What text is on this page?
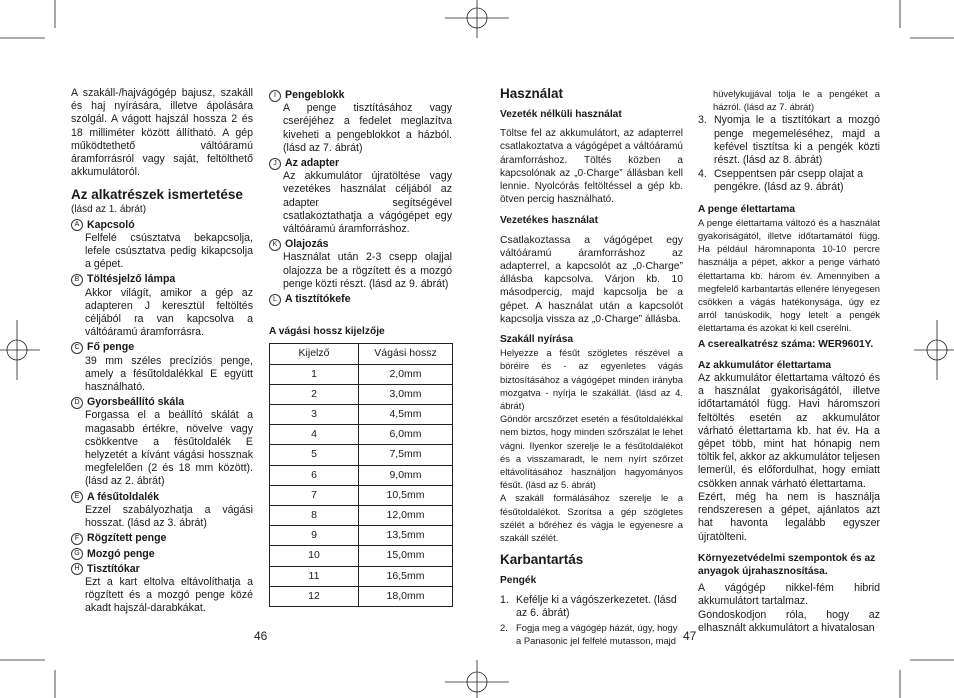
A szakáll-/hajvágógép bajusz, szakáll és haj nyírására, illetve ápolására szolgál. A vágott hajszál hossza 2 és 18 milliméter között állítható. A gép működtethető váltóáramú áramforrásról vagy saját, feltölthető akkumulátoról.

Az alkatrészek ismertetése
(lásd az 1. ábrát)
A Kapcsoló

Felfelé csúsztatva bekapcsolja, lefele csúsztatva pedig kikapcsolja a gépet.

B Töltésjelző lámpa

Akkor világít, amikor a gép az adapteren J keresztül feltöltés céljából ra van kapcsolva a váltóáramú áramforrásra.

C Fő penge

39 mm széles precíziós penge, amely a fésűtoldalékkal E együtt használható.

D Gyorsbeállító skála

Forgassa el a beállító skálát a magasabb értékre, növelve vagy csökkentve a fésűtoldalék E helyzetét a kívánt vágási hossznak megfelelően (2 és 18 mm között). (lásd az 2. ábrát)

E A fésűtoldalék

Ezzel szabályozhatja a vágási hosszat. (lásd az 3. ábrát)

F Rögzített penge
G Mozgó penge
H Tisztítókar

Ezt a kart eltolva eltávolíthatja a rögzített és a mozgó penge közé akadt hajszál-darabkákat.

46
I Pengeblokk

A penge tisztításához vagy cseréjéhez a fedelet meglazítva kiveheti a pengeblokkot a házból. (lásd az 7. ábrát)

J Az adapter

Az akkumulátor újratöltése vagy vezetékes használat céljából az adapter segítségével csatlakoztathatja a vágógépet egy váltóáramú áramforráshoz.

K Olajozás

Használat után 2-3 csepp olajjal olajozza be a rögzített és a mozgó penge közti részt. (lásd az 9. ábrát)

L A tisztítókefe
A vágási hossz kijelzője
Kijelző	Vágási hossz
1	2,0mm
2	3,0mm
3	4,5mm
4	6,0mm
5	7,5mm
6	9,0mm
7	10,5mm
8	12,0mm
9	13,5mm
10	15,0mm
11	16,5mm
12	18,0mm
Használat
Vezeték nélküli használat

Töltse fel az akkumulátort, az adapterrel csatlakoztatva a vágógépet a váltóáramú áramforráshoz. Töltés közben a kapcsolónak az „0·Charge” állásban kell lennie. Nyolcórás feltöltéssel a gép kb. ötven percig használható.

Vezetékes használat

Csatlakoztassa a vágógépet egy váltóáramú áramforráshoz az adapterrel, a kapcsolót az „0·Charge” állásba kapcsolva. Várjon kb. 10 másodpercig, majd kapcsolja be a gépet. A használat után a kapcsolót kapcsolja vissza az „0·Charge” állásba.

Szakáll nyírása

Helyezze a fésűt szögletes részével a böréire és - az egyenletes vágás biztosításához a vágógépet minden irányba mozgatva - nyírja le szakállát. (lásd az 4. ábrát)

Göndör arcszőrzet esetén a fésűtoldalékkal nem biztos, hogy minden szőrszálat le lehet vágni. Ilyenkor szerelje le a fésűtoldalékot és a visszamaradt, le nem nyírt szőrzet eltávolításához használjon hagyományos fésűt. (lásd az 5. ábrát)

A szakáll formálásához szerelje le a fésűtoldalékot. Szorítsa a gép szögletes szélét a bőréhez és vágja le egyenesre a szakáll szélét.

Karbantartás
Pengék
1. Kefélje ki a vágószerkezetet. (lásd az 6. ábrát)
2. Fogja meg a vágógép házát, úgy, hogy a Panasonic jel felfelé mutasson, majd 47

hüvelykujjával tolja le a pengéket a házról. (lásd az 7. ábrát)

3. Nyomja le a tisztítókart a mozgó penge megemeléséhez, majd a kefével tisztítsa ki a pengék közti részt. (lásd az 8. ábrát)
4. Cseppentsen pár csepp olajat a pengékre. (lásd az 9. ábrát)
A penge élettartama

A penge élettartama változó és a használat gyakoriságától, illetve időtartamától függ. Ha például háromnaponta 10-10 percre használja a pépet, akkor a penge várható élettartama kb. három év. Amennyiben a megfelelő karbantartás ellenére lényegesen csökken a vágás hatékonysága, úgy ez arról tanúskodik, hogy letelt a pengék élettartama és azokat ki kell cserélni.

A cserealkatrész száma: WER9601Y.
Az akkumulátor élettartama

Az akkumulátor élettartama változó és a használat gyakoriságától, illetve időtartamától függ. Havi háromszori feltöltés esetén az akkumulátor várható élettartama kb. hat év. Ha a gépet több, mint hat hónapig nem töltik fel, akkor az akkumulátor teljesen lemerül, és előfordulhat, hogy emiatt csökken annak várható élettartama.

Ezért, még ha nem is használja rendszeresen a gépet, ajánlatos azt hat havonta legalább egyszer újratölteni.

Környezetvédelmi szempontok és az anyagok újrahasznosítása.

A vágógép nikkel-fém hibrid akkumulátort tartalmaz.

Gondoskodjon róla, hogy az elhasznált akkumulátort a hivatalosan
